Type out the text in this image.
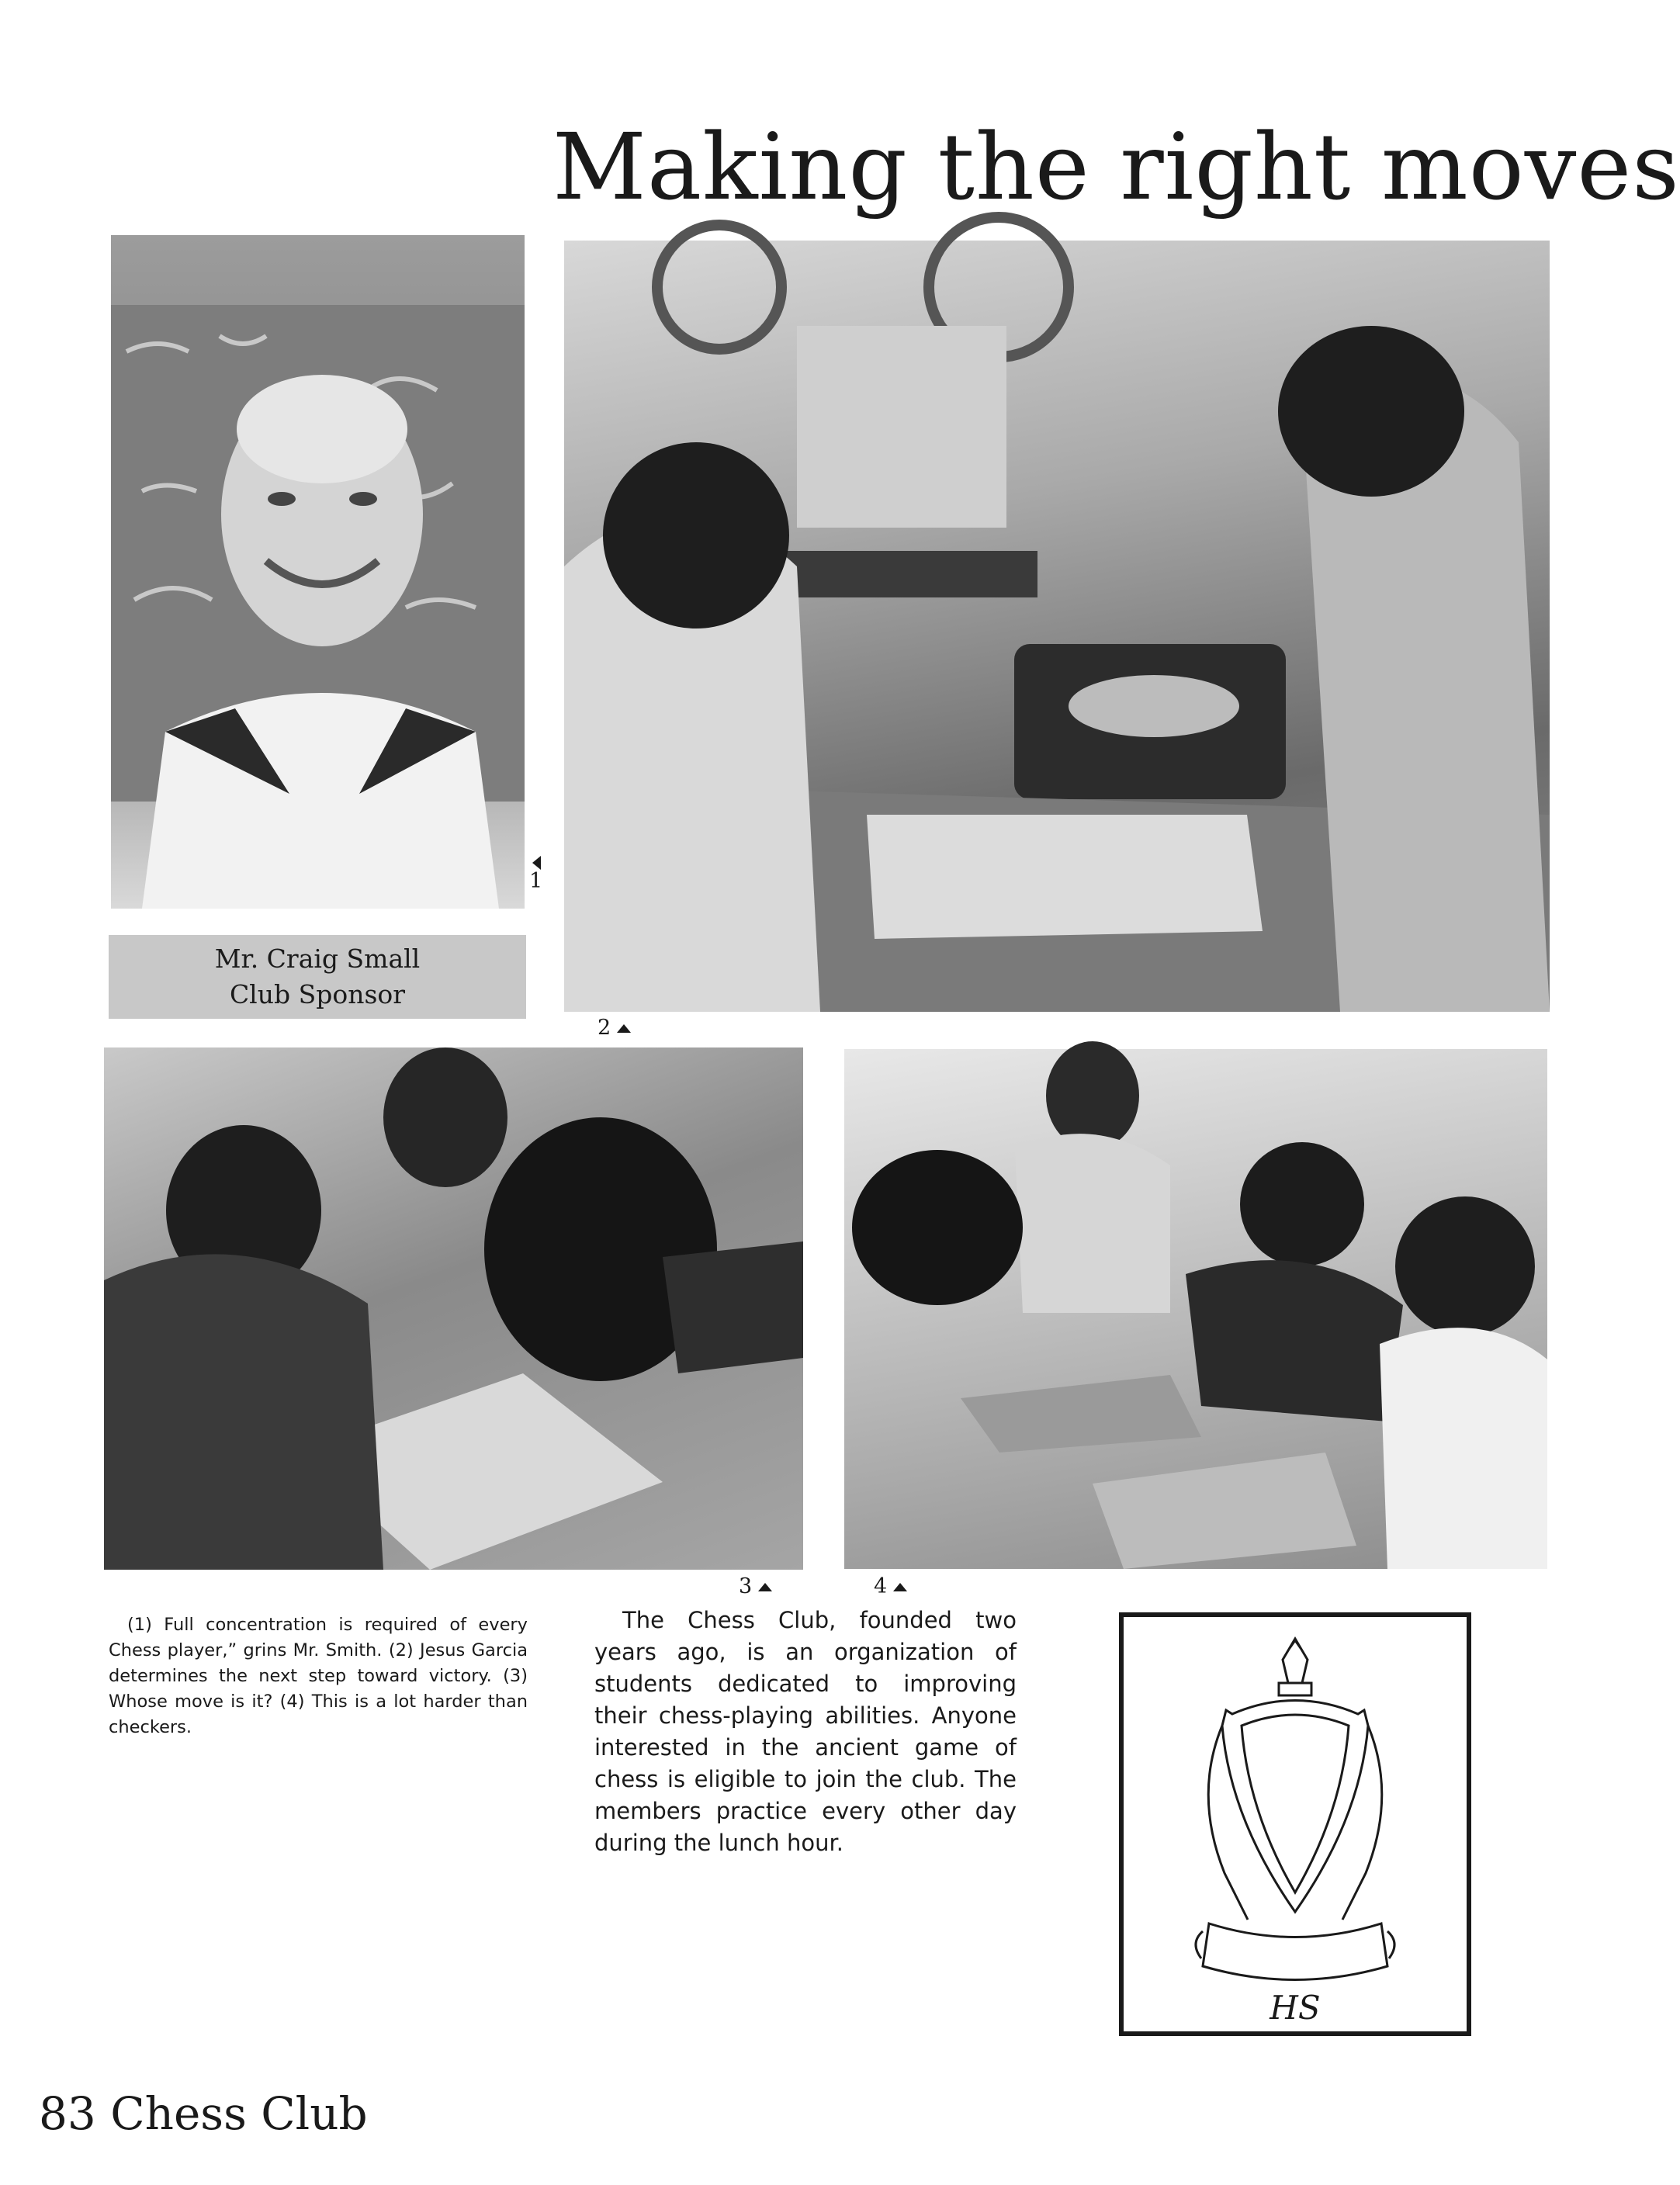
Making the right moves
1
Mr. Craig Small
Club Sponsor
2
3	4

(1) Full concentration is required of every Chess player,” grins Mr. Smith. (2) Jesus Garcia determines the next step toward victory. (3) Whose move is it? (4) This is a lot harder than checkers.

The Chess Club, founded two years ago, is an organization of students dedicated to improving their chess-playing abilities. Anyone interested in the ancient game of chess is eligible to join the club. The members practice every other day during the lunch hour.

HS
83 Chess Club
